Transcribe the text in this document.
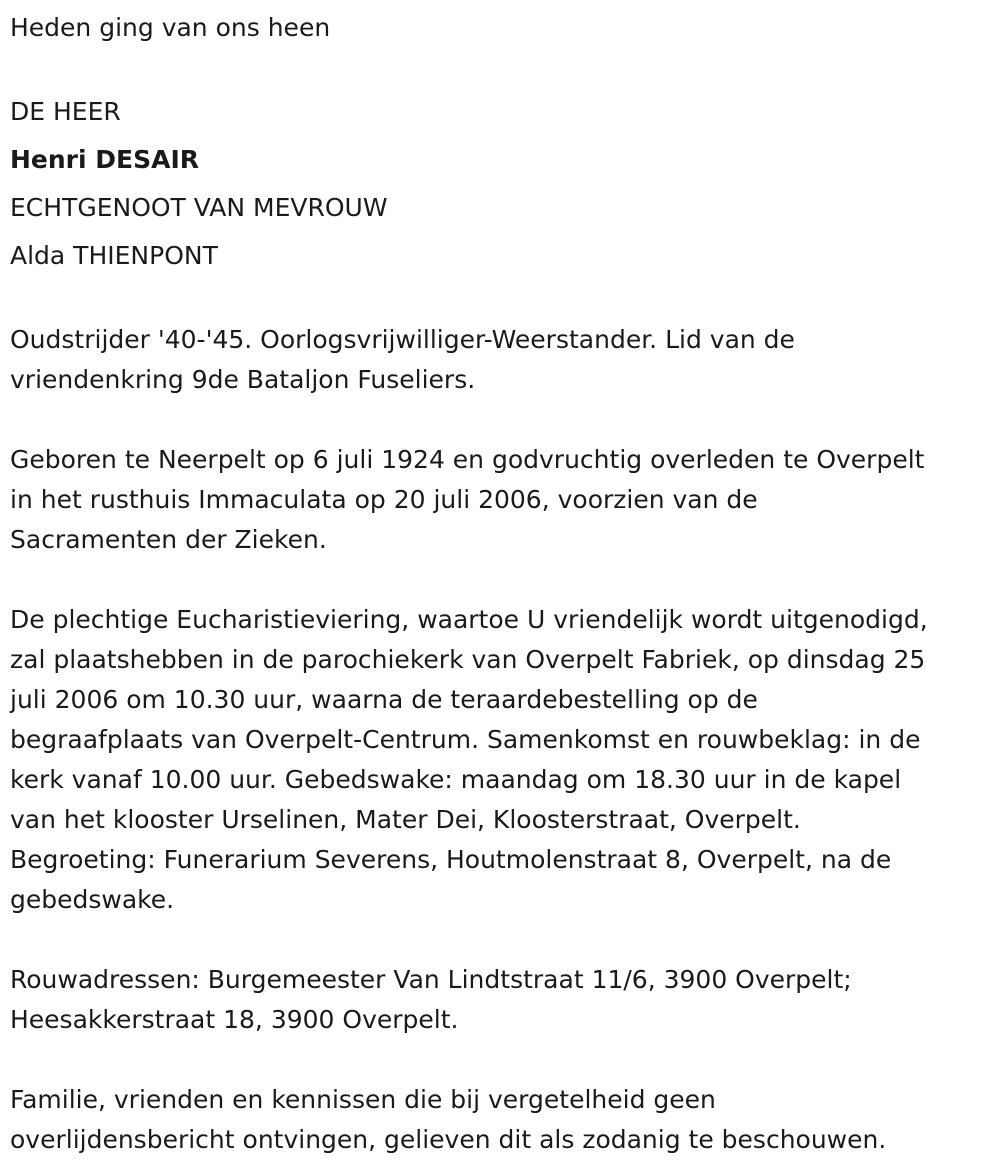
Heden ging van ons heen

DE HEER

Henri DESAIR

ECHTGENOOT VAN MEVROUW

Alda THIENPONT

Oudstrijder '40-'45. Oorlogsvrijwilliger-Weerstander. Lid van de

vriendenkring 9de Bataljon Fuseliers.

Geboren te Neerpelt op 6 juli 1924 en godvruchtig overleden te Overpelt

in het rusthuis Immaculata op 20 juli 2006, voorzien van de

Sacramenten der Zieken.

De plechtige Eucharistieviering, waartoe U vriendelijk wordt uitgenodigd,

zal plaatshebben in de parochiekerk van Overpelt Fabriek, op dinsdag 25

juli 2006 om 10.30 uur, waarna de teraardebestelling op de

begraafplaats van Overpelt-Centrum. Samenkomst en rouwbeklag: in de

kerk vanaf 10.00 uur. Gebedswake: maandag om 18.30 uur in de kapel

van het klooster Urselinen, Mater Dei, Kloosterstraat, Overpelt.

Begroeting: Funerarium Severens, Houtmolenstraat 8, Overpelt, na de

gebedswake.

Rouwadressen: Burgemeester Van Lindtstraat 11/6, 3900 Overpelt;

Heesakkerstraat 18, 3900 Overpelt.

Familie, vrienden en kennissen die bij vergetelheid geen

overlijdensbericht ontvingen, gelieven dit als zodanig te beschouwen.
